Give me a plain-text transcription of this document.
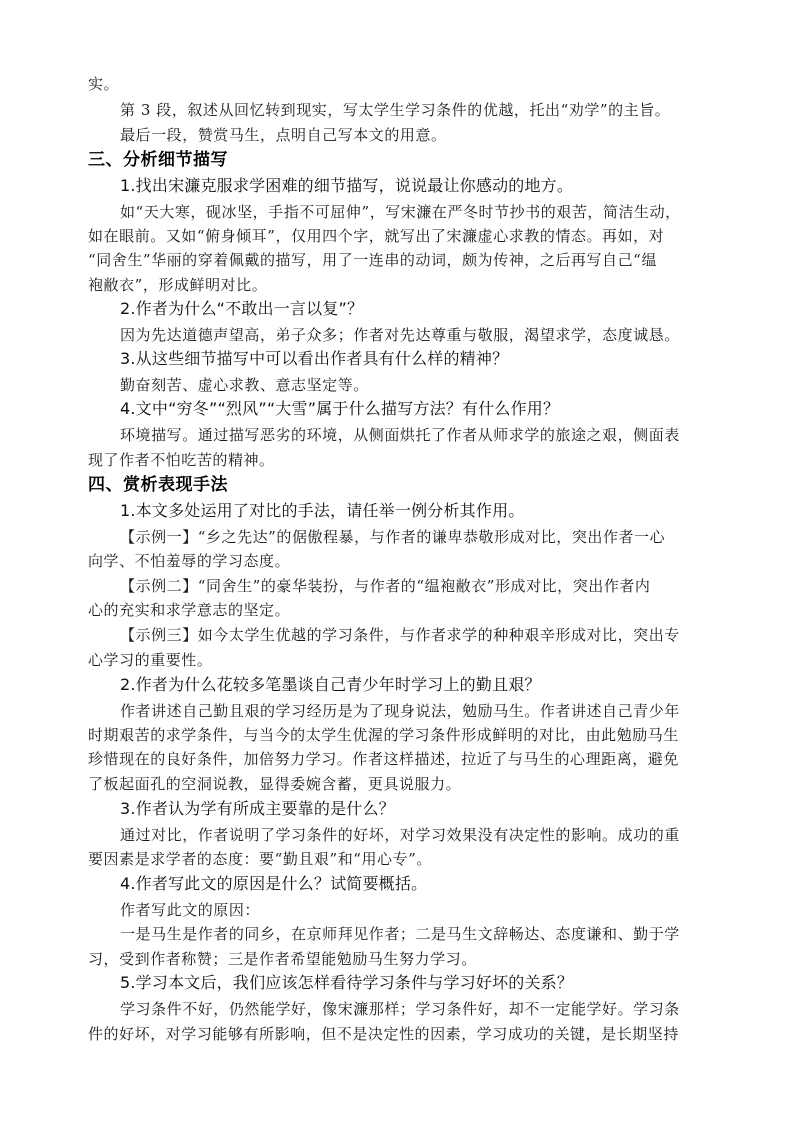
实。
第 3 段，叙述从回忆转到现实，写太学生学习条件的优越，托出“劝学”的主旨。
最后一段，赞赏马生，点明自己写本文的用意。
三、分析细节描写
1.找出宋濂克服求学困难的细节描写，说说最让你感动的地方。
如“天大寒，砚冰坚，手指不可屈伸”，写宋濂在严冬时节抄书的艰苦，简洁生动，
如在眼前。又如“俯身倾耳”，仅用四个字，就写出了宋濂虚心求教的情态。再如，对
“同舍生”华丽的穿着佩戴的描写，用了一连串的动词，颇为传神，之后再写自己“缊
袍敝衣”，形成鲜明对比。
2.作者为什么“不敢出一言以复”？
因为先达道德声望高，弟子众多；作者对先达尊重与敬服，渴望求学，态度诚恳。
3.从这些细节描写中可以看出作者具有什么样的精神？
勤奋刻苦、虚心求教、意志坚定等。
4.文中“穷冬”“烈风”“大雪”属于什么描写方法？有什么作用？
环境描写。通过描写恶劣的环境，从侧面烘托了作者从师求学的旅途之艰，侧面表
现了作者不怕吃苦的精神。
四、赏析表现手法
1.本文多处运用了对比的手法，请任举一例分析其作用。
【示例一】“乡之先达”的倨傲程暴，与作者的谦卑恭敬形成对比，突出作者一心
向学、不怕羞辱的学习态度。
【示例二】“同舍生”的豪华装扮，与作者的“缊袍敝衣”形成对比，突出作者内
心的充实和求学意志的坚定。
【示例三】如今太学生优越的学习条件，与作者求学的种种艰辛形成对比，突出专
心学习的重要性。
2.作者为什么花较多笔墨谈自己青少年时学习上的勤且艰？
作者讲述自己勤且艰的学习经历是为了现身说法，勉励马生。作者讲述自己青少年
时期艰苦的求学条件，与当今的太学生优渥的学习条件形成鲜明的对比，由此勉励马生
珍惜现在的良好条件，加倍努力学习。作者这样描述，拉近了与马生的心理距离，避免
了板起面孔的空洞说教，显得委婉含蓄，更具说服力。
3.作者认为学有所成主要靠的是什么？
通过对比，作者说明了学习条件的好坏，对学习效果没有决定性的影响。成功的重
要因素是求学者的态度：要“勤且艰”和“用心专”。
4.作者写此文的原因是什么？试简要概括。
作者写此文的原因：
一是马生是作者的同乡，在京师拜见作者；二是马生文辞畅达、态度谦和、勤于学
习，受到作者称赞；三是作者希望能勉励马生努力学习。
5.学习本文后，我们应该怎样看待学习条件与学习好坏的关系？
学习条件不好，仍然能学好，像宋濂那样；学习条件好，却不一定能学好。学习条
件的好坏，对学习能够有所影响，但不是决定性的因素，学习成功的关键，是长期坚持
